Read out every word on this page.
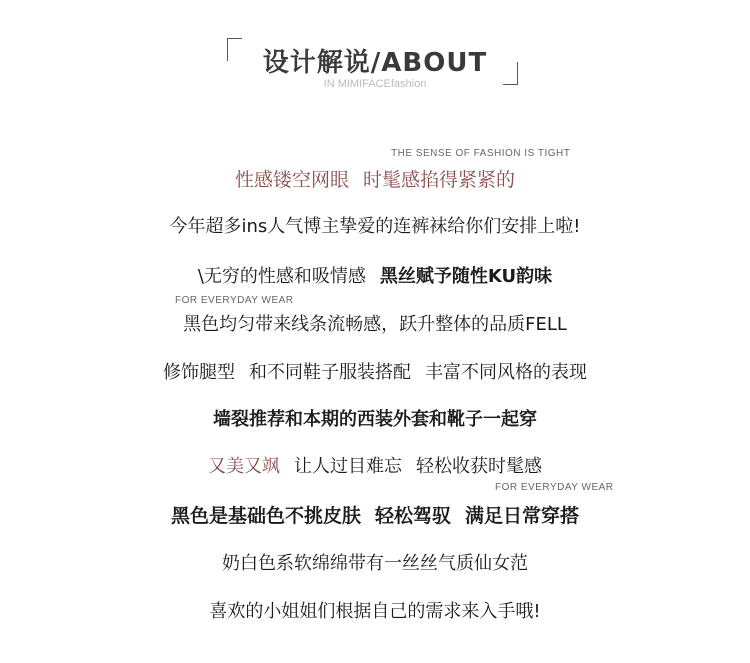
设计解说/ABOUT
IN MIMIFACEfashion
THE SENSE OF FASHION IS TIGHT
性感镂空网眼 时髦感掐得紧紧的
今年超多ins人气博主挚爱的连裤袜给你们安排上啦!
\无穷的性感和吸情感 黑丝赋予随性KU韵味
FOR EVERYDAY WEAR
黑色均匀带来线条流畅感，跃升整体的品质FELL
修饰腿型 和不同鞋子服装搭配 丰富不同风格的表现
墙裂推荐和本期的西装外套和靴子一起穿
又美又飒 让人过目难忘 轻松收获时髦感
FOR EVERYDAY WEAR
黑色是基础色不挑皮肤 轻松驾驭 满足日常穿搭
奶白色系软绵绵带有一丝丝气质仙女范
喜欢的小姐姐们根据自己的需求来入手哦!
